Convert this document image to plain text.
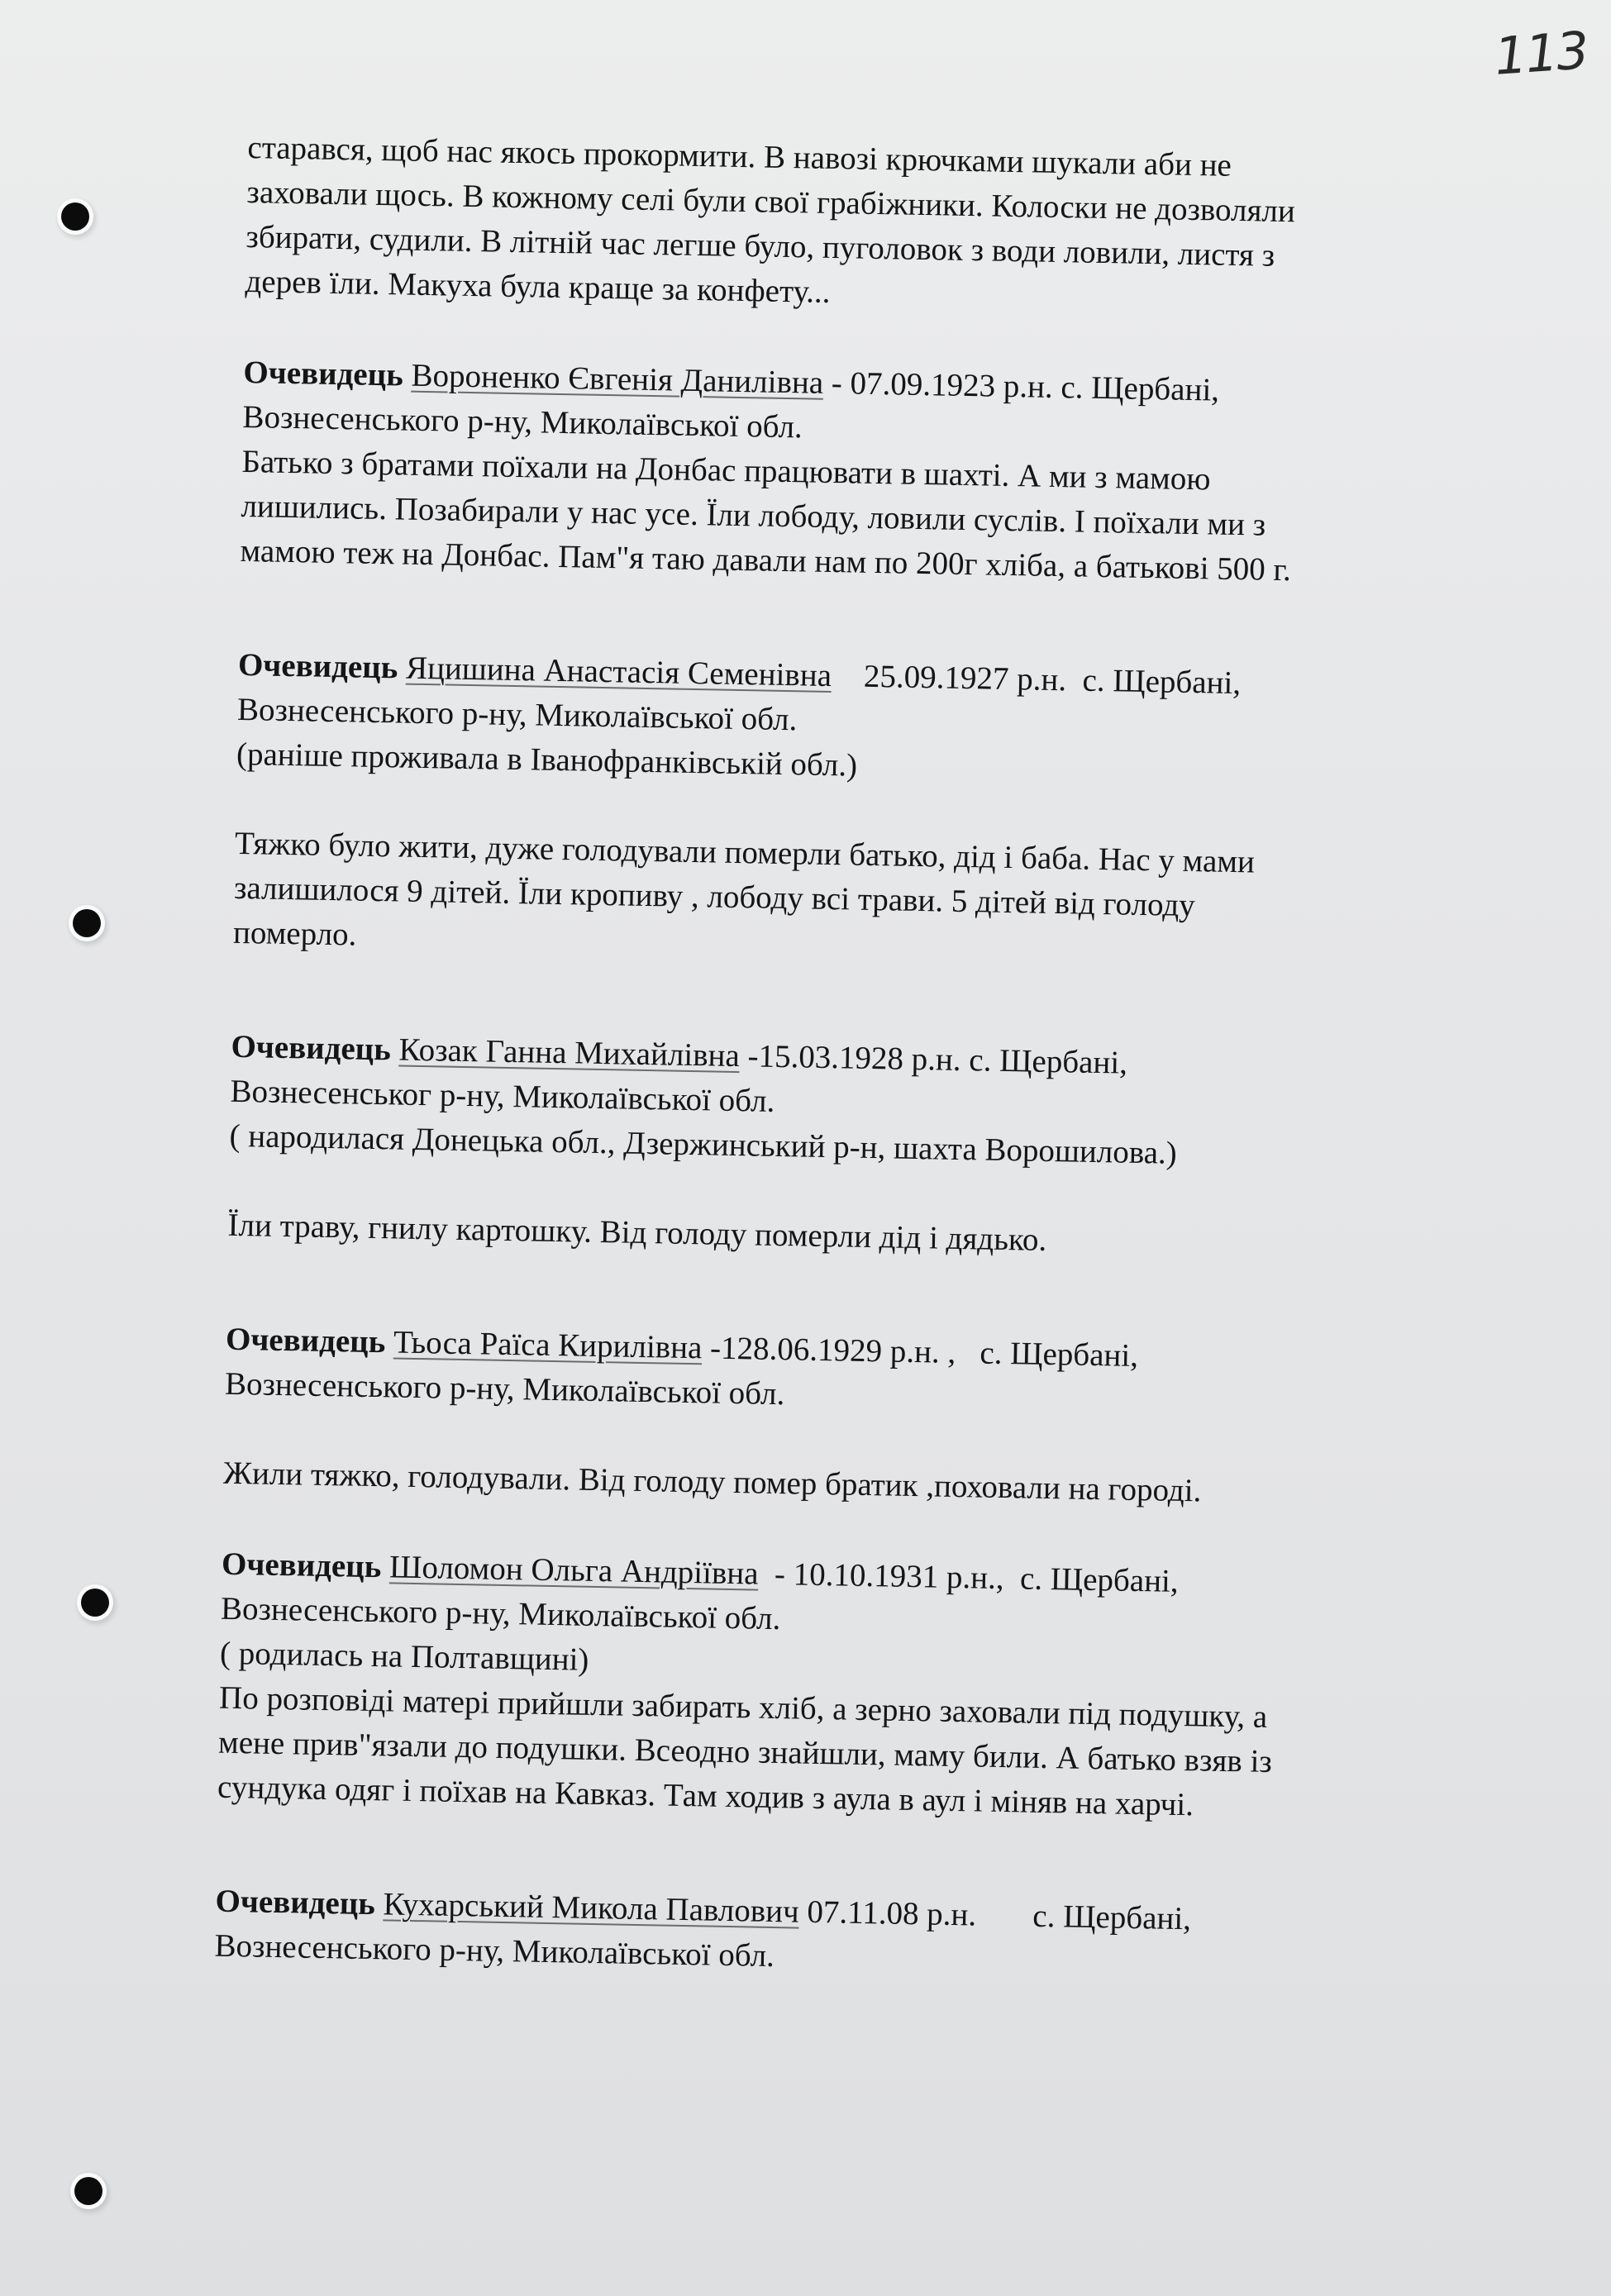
113

старався, щоб нас якось прокормити. В навозі крючками шукали аби не

заховали щось. В кожному селі були свої грабіжники. Колоски не дозволяли

збирати, судили. В літній час легше було, пуголовок з води ловили, листя з

дерев їли. Макуха була краще за конфету...

Очевидець Вороненко Євгенія Данилівна - 07.09.1923 р.н. с. Щербані,

Вознесенського р-ну, Миколаївської обл.

Батько з братами поїхали на Донбас працювати в шахті. А ми з мамою

лишились. Позабирали у нас усе. Їли лободу, ловили суслів. І поїхали ми з

мамою теж на Донбас. Пам"я таю давали нам по 200г хліба, а батькові 500 г.

Очевидець Яцишина Анастасія Семенівна    25.09.1927 р.н.  с. Щербані,

Вознесенського р-ну, Миколаївської обл.

(раніше проживала в Іванофранківській обл.)

Тяжко було жити, дуже голодували померли батько, дід і баба. Нас у мами

залишилося 9 дітей. Їли кропиву , лободу всі трави. 5 дітей від голоду

померло.

Очевидець Козак Ганна Михайлівна -15.03.1928 р.н. с. Щербані,

Вознесенськог р-ну, Миколаївської обл.

( народилася Донецька обл., Дзержинський р-н, шахта Ворошилова.)

Їли траву, гнилу картошку. Від голоду померли дід і дядько.

Очевидець Тьоса Раїса Кирилівна -128.06.1929 р.н. ,   с. Щербані,

Вознесенського р-ну, Миколаївської обл.

Жили тяжко, голодували. Від голоду помер братик ,поховали на городі.

Очевидець Шоломон Ольга Андріївна  - 10.10.1931 р.н.,  с. Щербані,

Вознесенського р-ну, Миколаївської обл.

( родилась на Полтавщині)

По розповіді матері прийшли забирать хліб, а зерно заховали під подушку, а

мене прив"язали до подушки. Всеодно знайшли, маму били. А батько взяв із

сундука одяг і поїхав на Кавказ. Там ходив з аула в аул і міняв на харчі.

Очевидець Кухарський Микола Павлович 07.11.08 р.н.       с. Щербані,

Вознесенського р-ну, Миколаївської обл.
